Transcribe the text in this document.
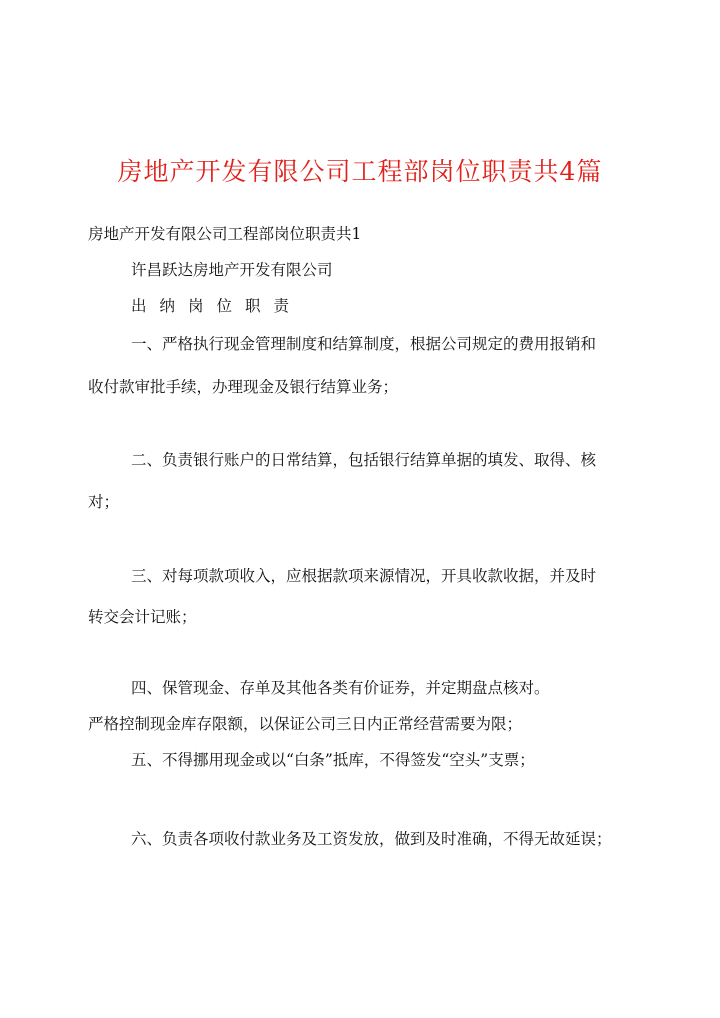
房地产开发有限公司工程部岗位职责共4篇
房地产开发有限公司工程部岗位职责共1
许昌跃达房地产开发有限公司
出纳岗位职责
一、严格执行现金管理制度和结算制度，根据公司规定的费用报销和
收付款审批手续，办理现金及银行结算业务；
二、负责银行账户的日常结算，包括银行结算单据的填发、取得、核
对；
三、对每项款项收入，应根据款项来源情况，开具收款收据，并及时
转交会计记账；
四、保管现金、存单及其他各类有价证券，并定期盘点核对。
严格控制现金库存限额，以保证公司三日内正常经营需要为限；
五、不得挪用现金或以“白条”抵库，不得签发“空头”支票；
六、负责各项收付款业务及工资发放，做到及时准确，不得无故延误；
